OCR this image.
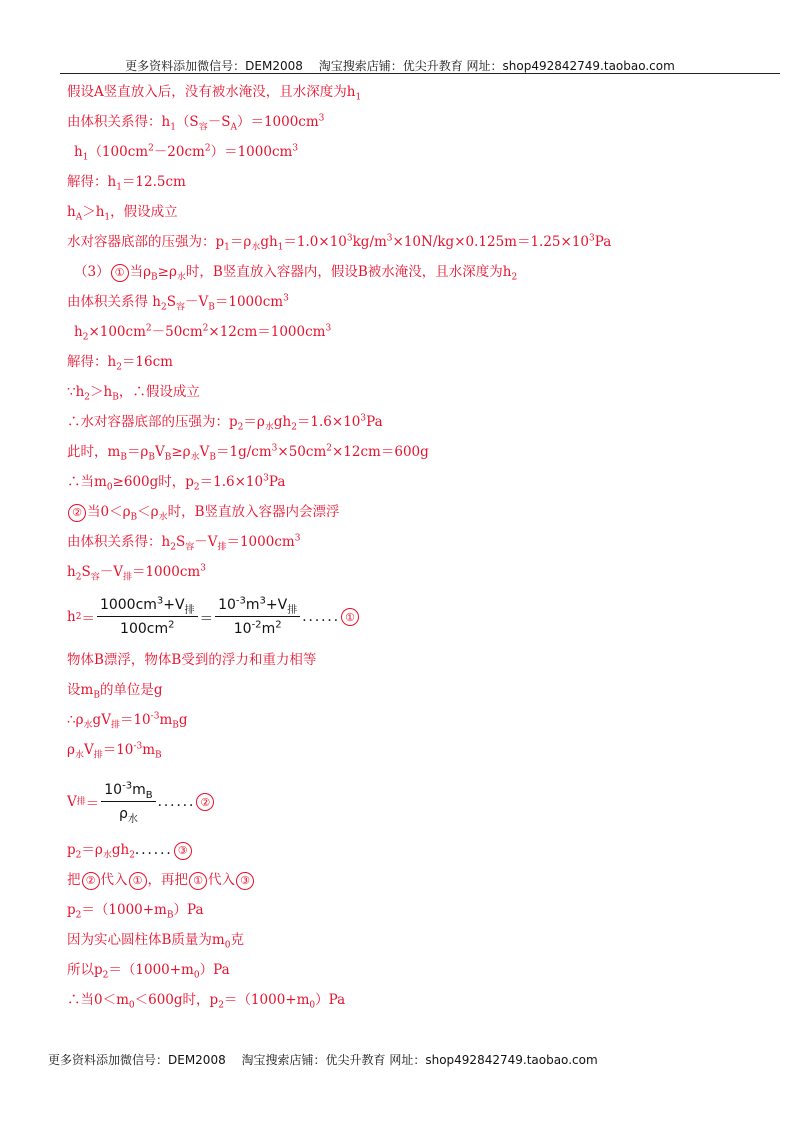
更多资料添加微信号：DEM2008　 淘宝搜索店铺：优尖升教育 网址：shop492842749.taobao.com
假设A竖直放入后，没有被水淹没，且水深度为$h_1$
由体积关系得：$h_1(S_容-S_A)=1000cm^3$
$h_1(100cm^2-20cm^2)=1000cm^3$
解得：$h_1=12.5cm$
$h_A>h_1$，假设成立
水对容器底部的压强为：$p_1=\rho_水gh_1=1.0\times 10^3kg/m^3\times 10N/kg\times 0.125m=1.25\times 10^3Pa$
（3） ① 当$\rho_B\ge\rho_水$时，B竖直放入容器内，假设B被水淹没，且水深度为$h_2$
由体积关系得 $h_2S_容-V_B=1000cm^3$
$h_2\times 100cm^2-50cm^2\times 12cm=1000cm^3$
解得：$h_2=16cm$
$\because h_2>h_B$，∴假设成立
∴水对容器底部的压强为：$p_2=\rho_水gh_2=1.6\times 10^3Pa$
此时，$m_B=\rho_BV_B\ge\rho_水V_B=1g/cm^3\times 50cm^2\times 12cm=600g$
∴当$m_0\ge 600g$时，$p_2=1.6\times 10^3Pa$
② 当$0<\rho_B<\rho_水$时，B竖直放入容器内会漂浮
由体积关系得：$h_2S_容-V_排=1000cm^3$
$h_2S_容-V_排=1000cm^3$
h $2 = \frac{1000cm^3+V_排}{100cm^2} = \frac{10^{-3}m^3+V_排}{10^{-2}m^2}$ ...... ①
物体B漂浮，物体B受到的浮力和重力相等
设$m_B$的单位是g
$\therefore\rho_水gV_排=10^{-3}m_Bg$
$\rho_水V_排=10^{-3}m_B$
V 排 ＝ $\frac{10^{-3}m_B}{\rho_水}$ ...... ②
$p_2=\rho_水gh_2$...... ③
把 ② 代入 ① ，再把 ① 代入 ③
$p_2=(1000+m_B)Pa$
因为实心圆柱体B质量为$m_0$克
所以$p_2=(1000+m_0)Pa$
∴当$0<m_0<600g$时，$p_2=(1000+m_0)Pa$
更多资料添加微信号：DEM2008　 淘宝搜索店铺：优尖升教育 网址：shop492842749.taobao.com
